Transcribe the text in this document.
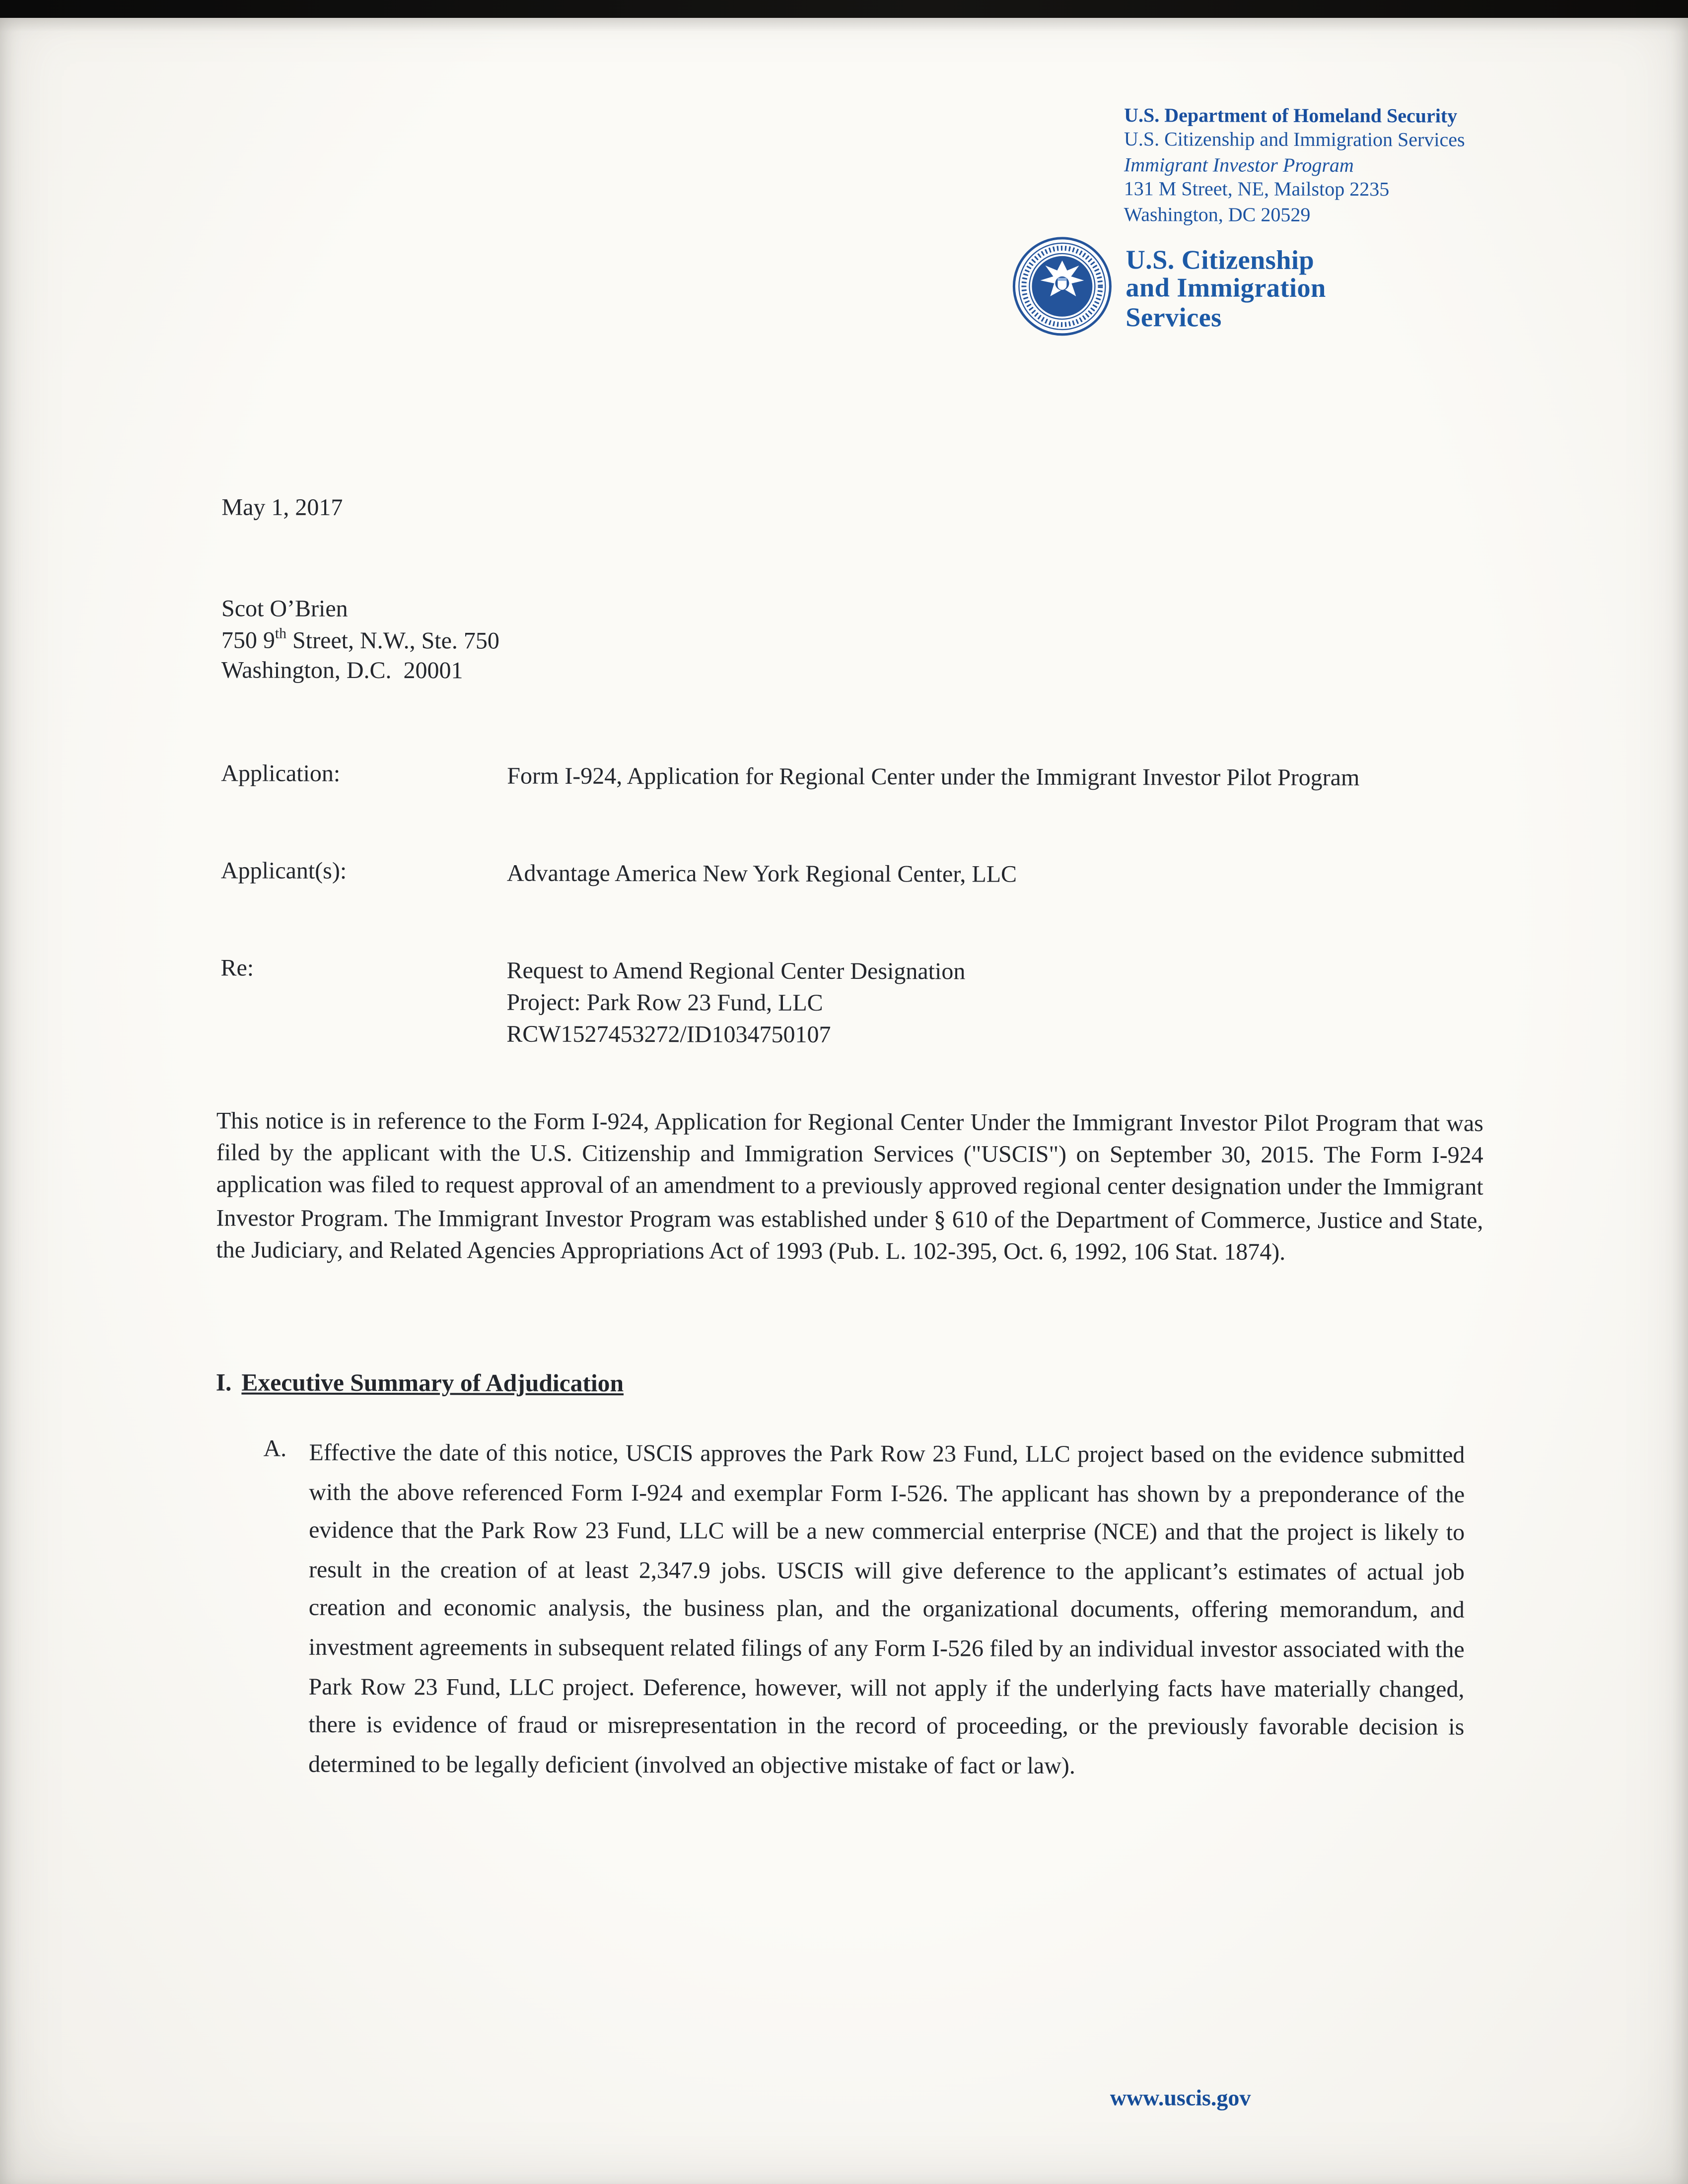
U.S. Department of Homeland Security
U.S. Citizenship and Immigration Services
Immigrant Investor Program
131 M Street, NE, Mailstop 2235
Washington, DC 20529
U.S. Citizenship
and Immigration
Services
May 1, 2017
Scot O’Brien
750 9th Street, N.W., Ste. 750
Washington, D.C.  20001
Application:	Form I-924, Application for Regional Center under the Immigrant Investor Pilot Program
Applicant(s):	Advantage America New York Regional Center, LLC
Re:	Request to Amend Regional Center Designation
Project: Park Row 23 Fund, LLC
RCW1527453272/ID1034750107
This notice is in reference to the Form I-924, Application for Regional Center Under the Immigrant Investor Pilot Program that was filed by the applicant with the U.S. Citizenship and Immigration Services ("USCIS") on September 30, 2015. The Form I-924 application was filed to request approval of an amendment to a previously approved regional center designation under the Immigrant Investor Program. The Immigrant Investor Program was established under § 610 of the Department of Commerce, Justice and State, the Judiciary, and Related Agencies Appropriations Act of 1993 (Pub. L. 102-395, Oct. 6, 1992, 106 Stat. 1874).
I. Executive Summary of Adjudication
A.	Effective the date of this notice, USCIS approves the Park Row 23 Fund, LLC project based on the evidence submitted with the above referenced Form I-924 and exemplar Form I-526. The applicant has shown by a preponderance of the evidence that the Park Row 23 Fund, LLC will be a new commercial enterprise (NCE) and that the project is likely to result in the creation of at least 2,347.9 jobs. USCIS will give deference to the applicant’s estimates of actual job creation and economic analysis, the business plan, and the organizational documents, offering memorandum, and investment agreements in subsequent related filings of any Form I-526 filed by an individual investor associated with the Park Row 23 Fund, LLC project. Deference, however, will not apply if the underlying facts have materially changed, there is evidence of fraud or misrepresentation in the record of proceeding, or the previously favorable decision is determined to be legally deficient (involved an objective mistake of fact or law).
www.uscis.gov
